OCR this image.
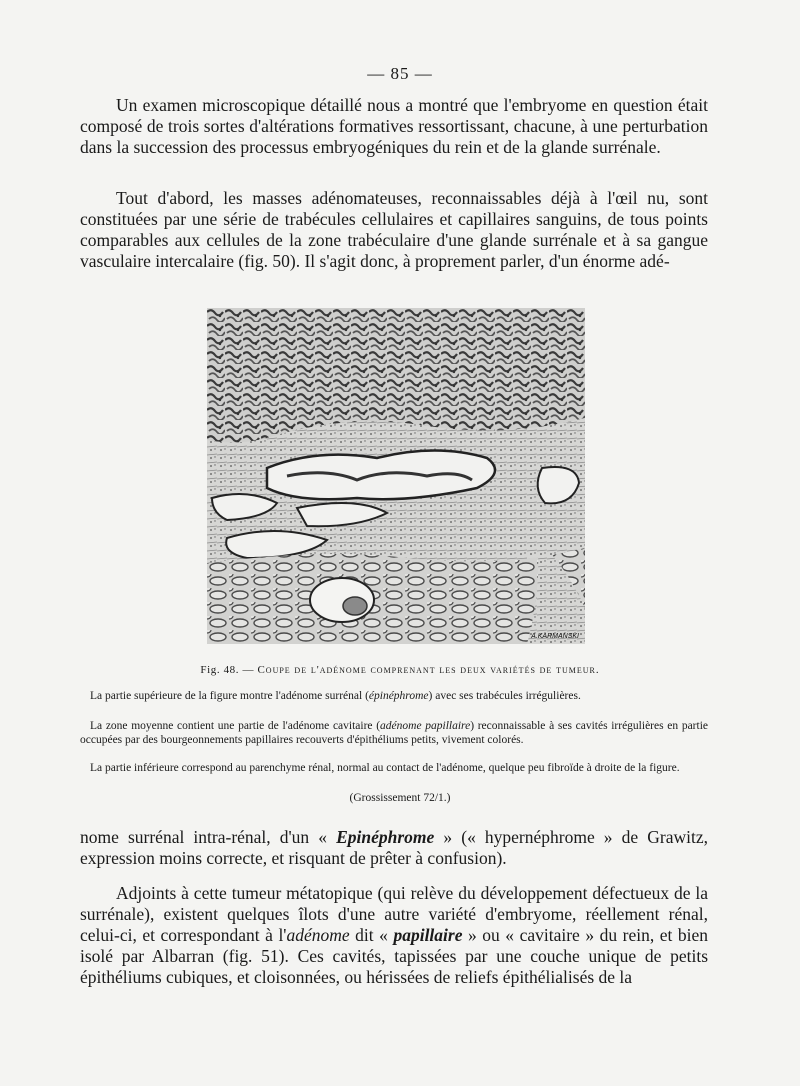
— 85 —

Un examen microscopique détaillé nous a montré que l'embryome en question était composé de trois sortes d'altérations formatives ressortissant, chacune, à une perturbation dans la succession des processus embryogéniques du rein et de la glande surrénale.

Tout d'abord, les masses adénomateuses, reconnaissables déjà à l'œil nu, sont constituées par une série de trabécules cellulaires et capillaires sanguins, de tous points comparables aux cellules de la zone trabéculaire d'une glande surrénale et à sa gangue vasculaire intercalaire (fig. 50). Il s'agit donc, à proprement parler, d'un énorme adé-

A.KARMANSKI
Fig. 48. — Coupe de l'adénome comprenant les deux variétés de tumeur.

La partie supérieure de la figure montre l'adénome surrénal (épinéphrome) avec ses trabécules irrégulières.

La zone moyenne contient une partie de l'adénome cavitaire (adénome papillaire) reconnaissable à ses cavités irrégulières en partie occupées par des bourgeonnements papillaires recouverts d'épithéliums petits, vivement colorés.

La partie inférieure correspond au parenchyme rénal, normal au contact de l'adénome, quelque peu fibroïde à droite de la figure.

(Grossissement 72/1.)

nome surrénal intra-rénal, d'un « Epinéphrome » (« hypernéphrome » de Grawitz, expression moins correcte, et risquant de prêter à confusion).

Adjoints à cette tumeur métatopique (qui relève du développement défectueux de la surrénale), existent quelques îlots d'une autre variété d'embryome, réellement rénal, celui-ci, et correspondant à l'adénome dit « papillaire » ou « cavitaire » du rein, et bien isolé par Albarran (fig. 51). Ces cavités, tapissées par une couche unique de petits épithéliums cubiques, et cloisonnées, ou hérissées de reliefs épithélialisés de la
